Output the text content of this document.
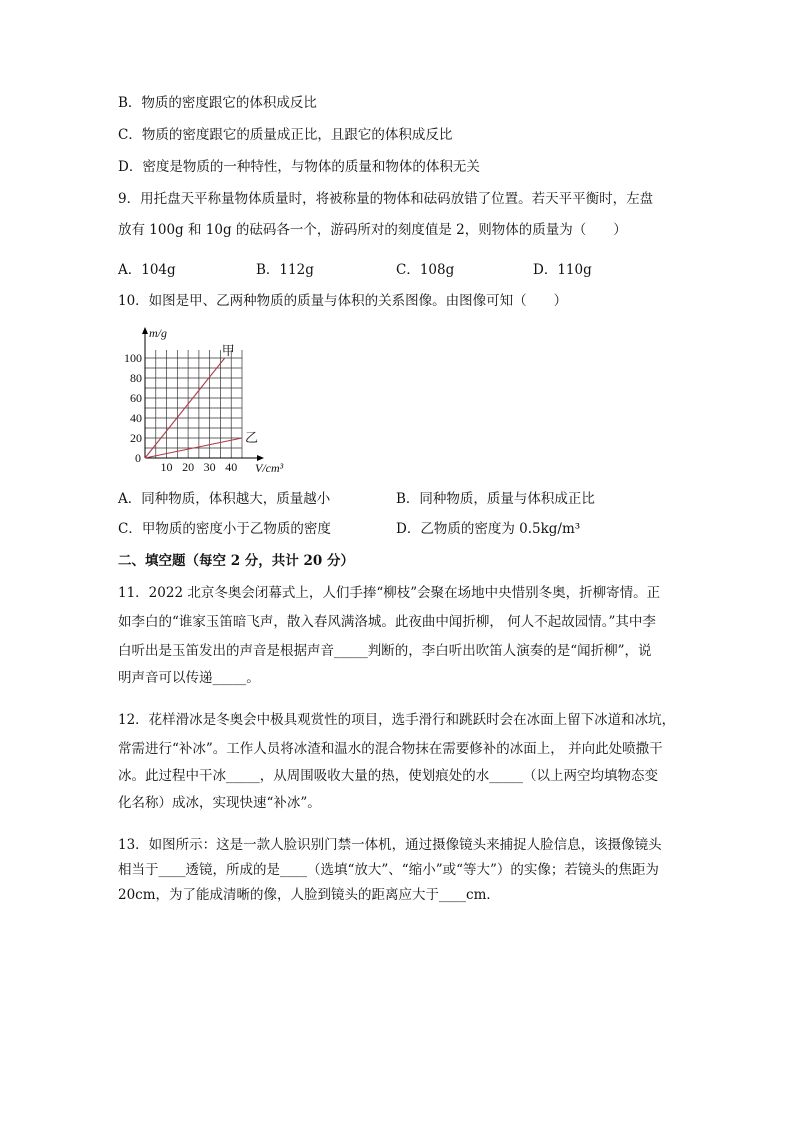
B．物质的密度跟它的体积成反比
C．物质的密度跟它的质量成正比，且跟它的体积成反比
D．密度是物质的一种特性，与物体的质量和物体的体积无关
9．用托盘天平称量物体质量时，将被称量的物体和砝码放错了位置。若天平平衡时，左盘
放有 100g 和 10g 的砝码各一个，游码所对的刻度值是 2，则物体的质量为（　　）
A．104g	B．112g	C．108g	D．110g
10．如图是甲、乙两种物质的质量与体积的关系图像。由图像可知（　　）
甲
乙
10 20 30 40
100
80
60
40
20
0
m/g
V/cm³
A．同种物质，体积越大，质量越小	B．同种物质，质量与体积成正比
C．甲物质的密度小于乙物质的密度	D．乙物质的密度为 0.5kg/m³
二、填空题（每空 2 分，共计 20 分）
11．2022 北京冬奥会闭幕式上，人们手捧“柳枝”会聚在场地中央惜别冬奥，折柳寄情。正
如李白的“谁家玉笛暗飞声，散入春风满洛城。此夜曲中闻折柳， 何人不起故园情。”其中李
白听出是玉笛发出的声音是根据声音_____判断的，李白听出吹笛人演奏的是“闻折柳”，说
明声音可以传递_____。
12．花样滑冰是冬奥会中极具观赏性的项目，选手滑行和跳跃时会在冰面上留下冰道和冰坑，
常需进行“补冰”。工作人员将冰渣和温水的混合物抹在需要修补的冰面上， 并向此处喷撒干
冰。此过程中干冰_____，从周围吸收大量的热，使划痕处的水_____（以上两空均填物态变
化名称）成冰，实现快速“补冰”。
13．如图所示：这是一款人脸识别门禁一体机，通过摄像镜头来捕捉人脸信息，该摄像镜头
相当于____透镜，所成的是____（选填“放大”、“缩小”或“等大”）的实像；若镜头的焦距为
20cm，为了能成清晰的像，人脸到镜头的距离应大于____cm．
